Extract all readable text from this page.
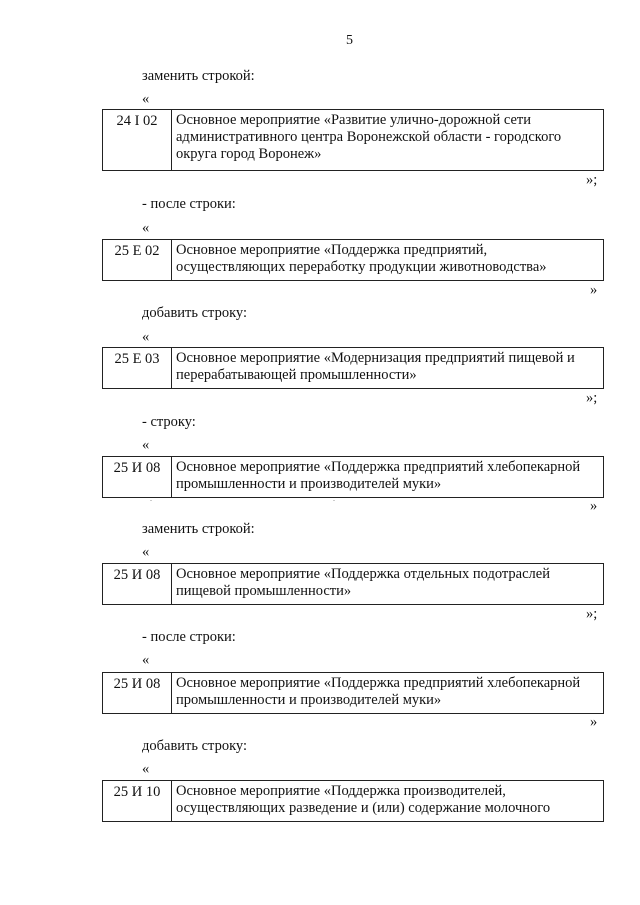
5
заменить строкой:
«
24 I 02	Основное мероприятие «Развитие улично-дорожной сети административного центра Воронежской области - городского округа город Воронеж»
»;
- после строки:
«
25 Е 02	Основное мероприятие «Поддержка предприятий, осуществляющих переработку продукции животноводства»
»
добавить строку:
«
25 Е 03	Основное мероприятие «Модернизация предприятий пищевой и перерабатывающей промышленности»
»;
- строку:
«
25 И 08	Основное мероприятие «Поддержка предприятий хлебопекарной промышленности и производителей муки»
»
заменить строкой:
«
25 И 08	Основное мероприятие «Поддержка отдельных подотраслей пищевой промышленности»
»;
- после строки:
«
25 И 08	Основное мероприятие «Поддержка предприятий хлебопекарной промышленности и производителей муки»
»
добавить строку:
«
25 И 10	Основное мероприятие «Поддержка производителей, осуществляющих разведение и (или) содержание молочного
